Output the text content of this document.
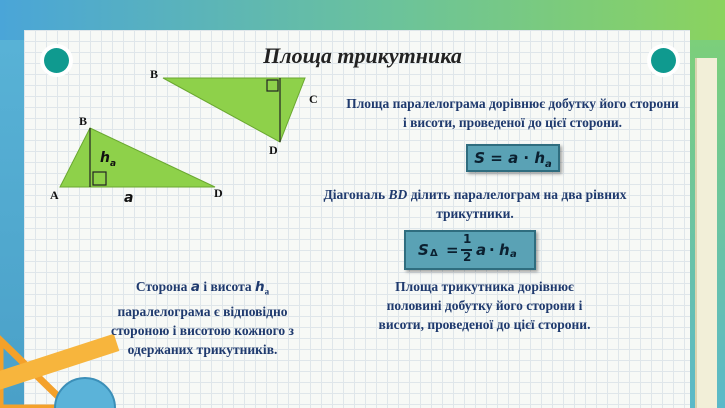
Площа трикутника
B
C
D
B
A	D
a
$h_a$
Площа паралелограма дорівнює добутку його сторони і висоти, проведеної до цієї сторони.
$S = a \cdot h_a$
Діагональ BD ділить паралелограм на два рівних трикутники.
S Δ =
1
2 a · h a
Сторона a і висота $h_a$ паралелограма є відповідно стороною і висотою кожного з одержаних трикутників.
Площа трикутника дорівнює половині добутку його сторони і висоти, проведеної до цієї сторони.
